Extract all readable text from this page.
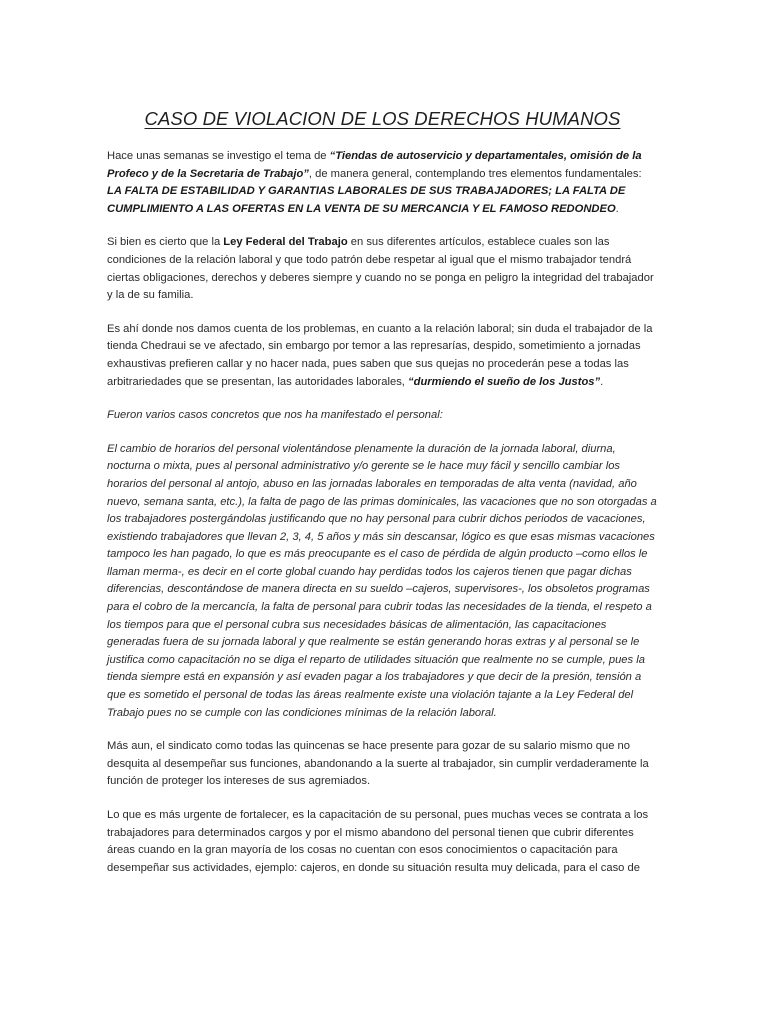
CASO DE VIOLACION DE LOS DERECHOS HUMANOS

Hace unas semanas se investigo el tema de “Tiendas de autoservicio y departamentales, omisión de la Profeco y de la Secretaria de Trabajo”, de manera general, contemplando tres elementos fundamentales: LA FALTA DE ESTABILIDAD Y GARANTIAS LABORALES DE SUS TRABAJADORES; LA FALTA DE CUMPLIMIENTO A LAS OFERTAS EN LA VENTA DE SU MERCANCIA Y EL FAMOSO REDONDEO.

Si bien es cierto que la Ley Federal del Trabajo en sus diferentes artículos, establece cuales son las condiciones de la relación laboral y que todo patrón debe respetar al igual que el mismo trabajador tendrá ciertas obligaciones, derechos y deberes siempre y cuando no se ponga en peligro la integridad del trabajador y la de su familia.

Es ahí donde nos damos cuenta de los problemas, en cuanto a la relación laboral; sin duda el trabajador de la tienda Chedraui se ve afectado, sin embargo por temor a las represarías, despido, sometimiento a jornadas exhaustivas prefieren callar y no hacer nada, pues saben que sus quejas no procederán pese a todas las arbitrariedades que se presentan, las autoridades laborales, “durmiendo el sueño de los Justos”.

Fueron varios casos concretos que nos ha manifestado el personal:

El cambio de horarios del personal violentándose plenamente la duración de la jornada laboral, diurna, nocturna o mixta, pues al personal administrativo y/o gerente se le hace muy fácil y sencillo cambiar los horarios del personal al antojo, abuso en las jornadas laborales en temporadas de alta venta (navidad, año nuevo, semana santa, etc.), la falta de pago de las primas dominicales, las vacaciones que no son otorgadas a los trabajadores postergándolas justificando que no hay personal para cubrir dichos periodos de vacaciones, existiendo trabajadores que llevan 2, 3, 4, 5 años y más sin descansar, lógico es que esas mismas vacaciones tampoco les han pagado, lo que es más preocupante es el caso de pérdida de algún producto –como ellos le llaman merma-, es decir en el corte global cuando hay perdidas todos los cajeros tienen que pagar dichas diferencias, descontándose de manera directa en su sueldo –cajeros, supervisores-, los obsoletos programas para el cobro de la mercancía, la falta de personal para cubrir todas las necesidades de la tienda, el respeto a los tiempos para que el personal cubra sus necesidades básicas de alimentación, las capacitaciones generadas fuera de su jornada laboral y que realmente se están generando horas extras y al personal se le justifica como capacitación no se diga el reparto de utilidades situación que realmente no se cumple, pues la tienda siempre está en expansión y así evaden pagar a los trabajadores y que decir de la presión, tensión a que es sometido el personal de todas las áreas realmente existe una violación tajante a la Ley Federal del Trabajo pues no se cumple con las condiciones mínimas de la relación laboral.

Más aun, el sindicato como todas las quincenas se hace presente para gozar de su salario mismo que no desquita al desempeñar sus funciones, abandonando a la suerte al trabajador, sin cumplir verdaderamente la función de proteger los intereses de sus agremiados.

Lo que es más urgente de fortalecer, es la capacitación de su personal, pues muchas veces se contrata a los trabajadores para determinados cargos y por el mismo abandono del personal tienen que cubrir diferentes áreas cuando en la gran mayoría de los cosas no cuentan con esos conocimientos o capacitación para desempeñar sus actividades, ejemplo: cajeros, en donde su situación resulta muy delicada, para el caso de
